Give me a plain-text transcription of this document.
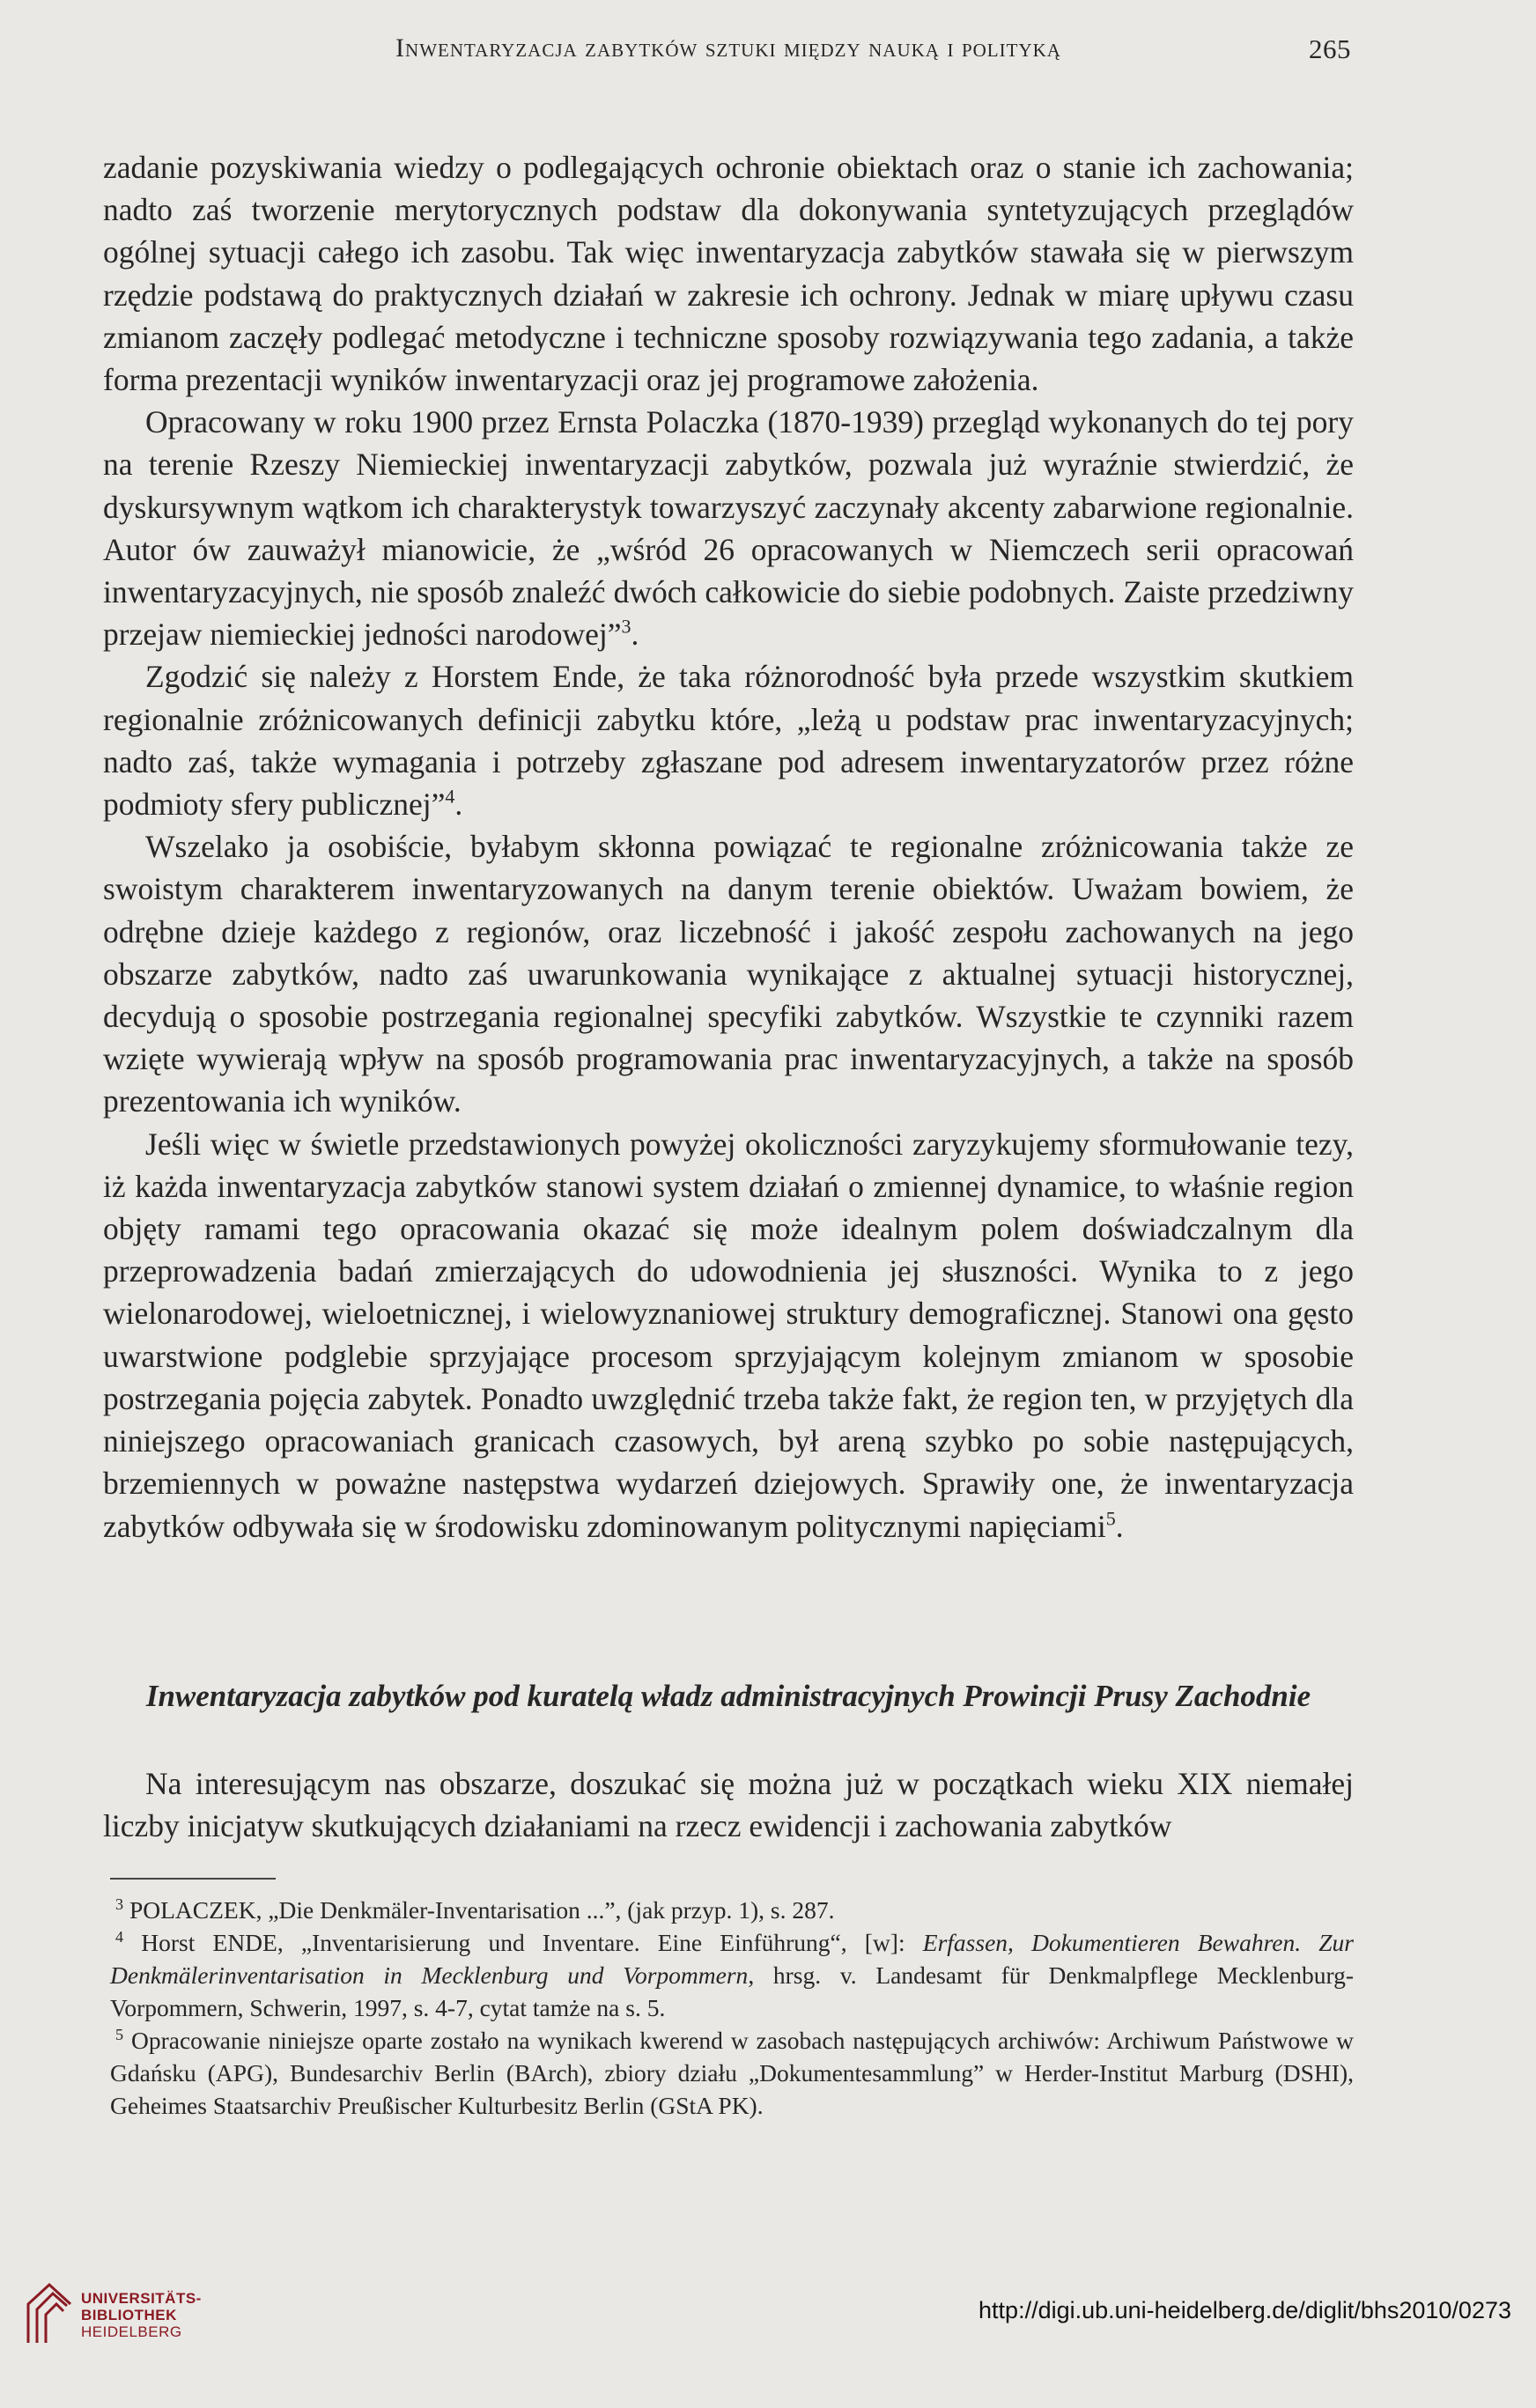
Inwentaryzacja zabytków sztuki między nauką i polityką	265

zadanie pozyskiwania wiedzy o podlegających ochronie obiektach oraz o stanie ich zachowania; nadto zaś tworzenie merytorycznych podstaw dla dokonywania syntetyzujących przeglądów ogólnej sytuacji całego ich zasobu. Tak więc inwentaryzacja zabytków stawała się w pierwszym rzędzie podstawą do praktycznych działań w zakresie ich ochrony. Jednak w miarę upływu czasu zmianom zaczęły podlegać metodyczne i techniczne sposoby rozwiązywania tego zadania, a także forma prezentacji wyników inwentaryzacji oraz jej programowe założenia.

Opracowany w roku 1900 przez Ernsta Polaczka (1870-1939) przegląd wykonanych do tej pory na terenie Rzeszy Niemieckiej inwentaryzacji zabytków, pozwala już wyraźnie stwierdzić, że dyskursywnym wątkom ich charakterystyk towarzyszyć zaczynały akcenty zabarwione regionalnie. Autor ów zauważył mianowicie, że „wśród 26 opracowanych w Niemczech serii opracowań inwentaryzacyjnych, nie sposób znaleźć dwóch całkowicie do siebie podobnych. Zaiste przedziwny przejaw niemieckiej jedności narodowej”$^3$.

Zgodzić się należy z Horstem Ende, że taka różnorodność była przede wszystkim skutkiem regionalnie zróżnicowanych definicji zabytku które, „leżą u podstaw prac inwentaryzacyjnych; nadto zaś, także wymagania i potrzeby zgłaszane pod adresem inwentaryzatorów przez różne podmioty sfery publicznej”$^4$.

Wszelako ja osobiście, byłabym skłonna powiązać te regionalne zróżnicowania także ze swoistym charakterem inwentaryzowanych na danym terenie obiektów. Uważam bowiem, że odrębne dzieje każdego z regionów, oraz liczebność i jakość zespołu zachowanych na jego obszarze zabytków, nadto zaś uwarunkowania wynikające z aktualnej sytuacji historycznej, decydują o sposobie postrzegania regionalnej specyfiki zabytków. Wszystkie te czynniki razem wzięte wywierają wpływ na sposób programowania prac inwentaryzacyjnych, a także na sposób prezentowania ich wyników.

Jeśli więc w świetle przedstawionych powyżej okoliczności zaryzykujemy sformułowanie tezy, iż każda inwentaryzacja zabytków stanowi system działań o zmiennej dynamice, to właśnie region objęty ramami tego opracowania okazać się może idealnym polem doświadczalnym dla przeprowadzenia badań zmierzających do udowodnienia jej słuszności. Wynika to z jego wielonarodowej, wieloetnicznej, i wielowyznaniowej struktury demograficznej. Stanowi ona gęsto uwarstwione podglebie sprzyjające procesom sprzyjającym kolejnym zmianom w sposobie postrzegania pojęcia zabytek. Ponadto uwzględnić trzeba także fakt, że region ten, w przyjętych dla niniejszego opracowaniach granicach czasowych, był areną szybko po sobie następujących, brzemiennych w poważne następstwa wydarzeń dziejowych. Sprawiły one, że inwentaryzacja zabytków odbywała się w środowisku zdominowanym politycznymi napięciami$^5$.

Inwentaryzacja zabytków pod kuratelą władz administracyjnych Prowincji Prusy Zachodnie

Na interesującym nas obszarze, doszukać się można już w początkach wieku XIX niemałej liczby inicjatyw skutkujących działaniami na rzecz ewidencji i zachowania zabytków

$^3$ POLACZEK, „Die Denkmäler-Inventarisation ...”, (jak przyp. 1), s. 287.

$^4$ Horst ENDE, „Inventarisierung und Inventare. Eine Einführung“, [w]: Erfassen, Dokumentieren Bewahren. Zur Denkmälerinventarisation in Mecklenburg und Vorpommern, hrsg. v. Landesamt für Denkmalpflege Mecklenburg-Vorpommern, Schwerin, 1997, s. 4-7, cytat tamże na s. 5.

$^5$ Opracowanie niniejsze oparte zostało na wynikach kwerend w zasobach następujących archiwów: Archiwum Państwowe w Gdańsku (APG), Bundesarchiv Berlin (BArch), zbiory działu „Dokumentesammlung” w Herder-Institut Marburg (DSHI), Geheimes Staatsarchiv Preußischer Kulturbesitz Berlin (GStA PK).

UNIVERSITÄTS-
BIBLIOTHEK
HEIDELBERG
http://digi.ub.uni-heidelberg.de/diglit/bhs2010/0273
